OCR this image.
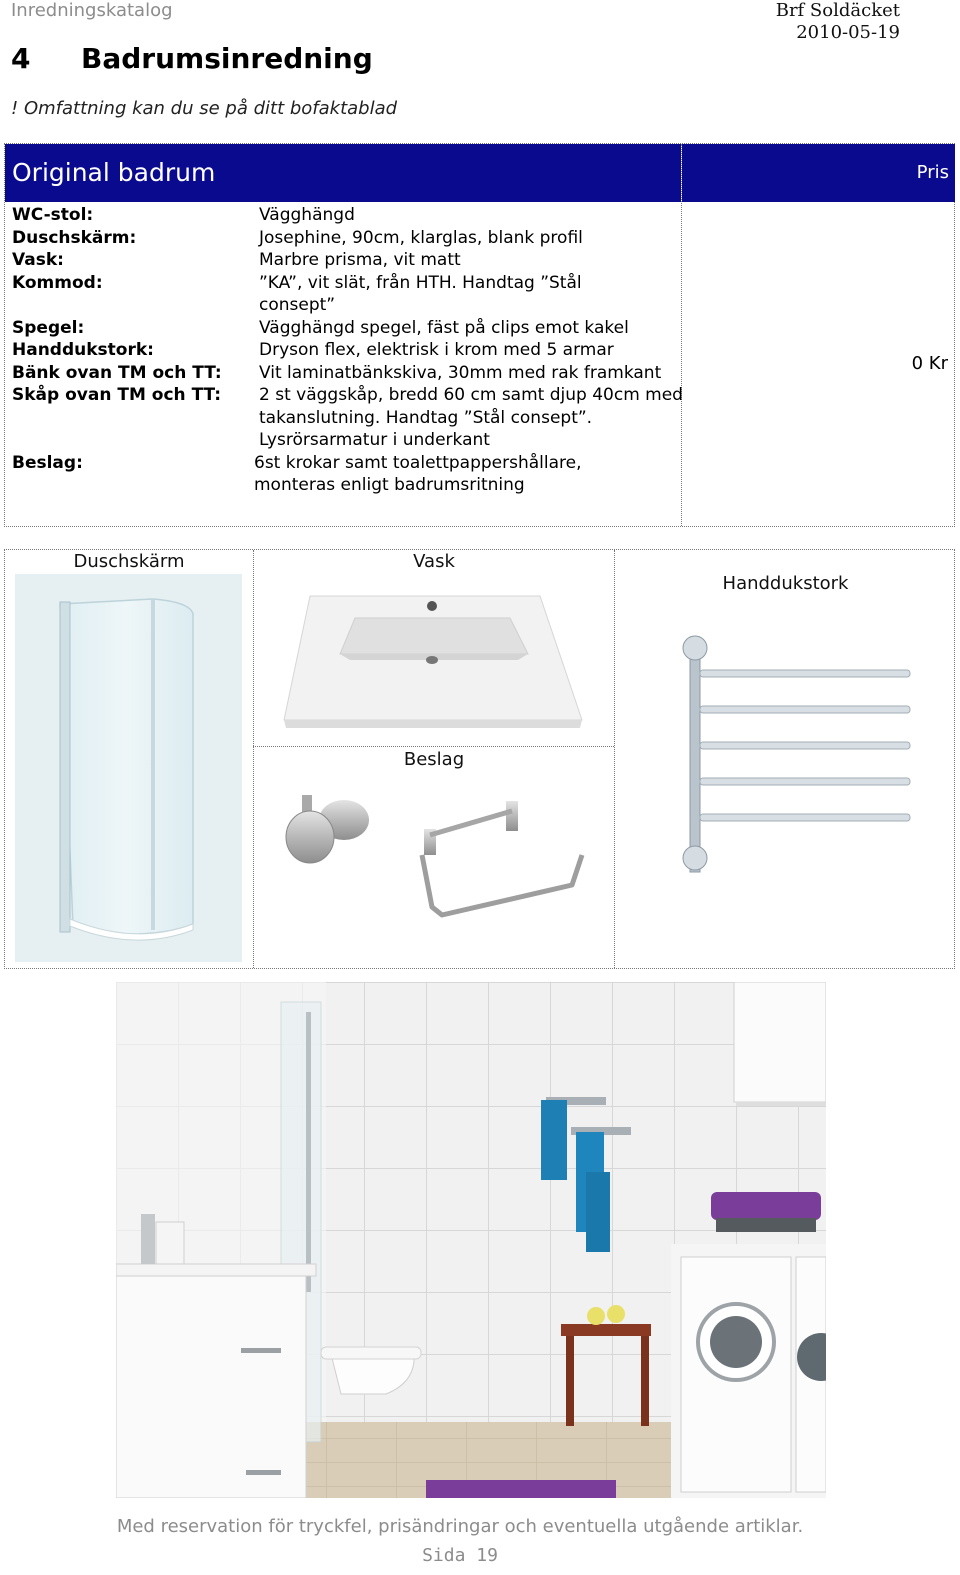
Inredningskatalog	Brf Soldäcket
2010-05-19
4	Badrumsinredning
! Omfattning kan du se på ditt bofaktablad
Original badrum	Pris
WC-stol:	Vägghängd
Duschskärm:	Josephine, 90cm, klarglas, blank profil
Vask:	Marbre prisma, vit matt
Kommod:	”KA”, vit slät, från HTH. Handtag ”Stål
consept”
Spegel:	Vägghängd spegel, fäst på clips emot kakel
Handdukstork:	Dryson flex, elektrisk i krom med 5 armar
Bänk ovan TM och TT:	Vit laminatbänkskiva, 30mm med rak framkant
Skåp ovan TM och TT:	2 st väggskåp, bredd 60 cm samt djup 40cm med
takanslutning. Handtag ”Stål consept”.
Lysrörsarmatur i underkant
Beslag:	6st krokar samt toalettpappershållare,
monteras enligt badrumsritning
0 Kr
Duschskärm	Vask
Beslag
Handdukstork
Med reservation för tryckfel, prisändringar och eventuella utgående artiklar.
Sida 19
